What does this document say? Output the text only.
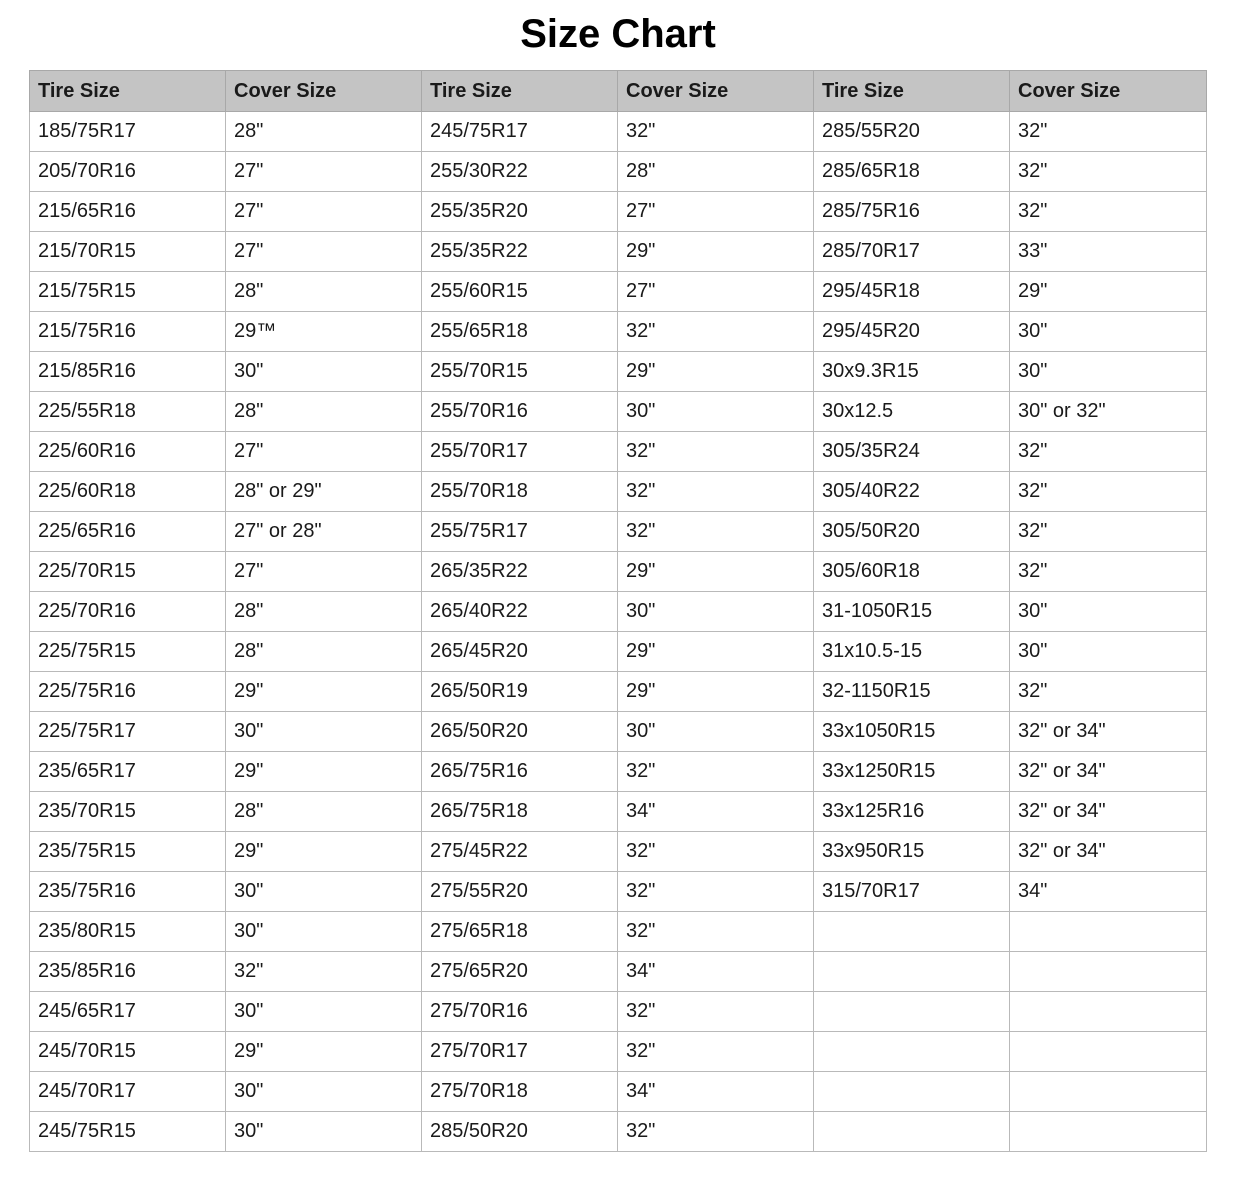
Size Chart
Tire Size	Cover Size	Tire Size	Cover Size	Tire Size	Cover Size
185/75R17	28"	245/75R17	32"	285/55R20	32"
205/70R16	27"	255/30R22	28"	285/65R18	32"
215/65R16	27"	255/35R20	27"	285/75R16	32"
215/70R15	27"	255/35R22	29"	285/70R17	33"
215/75R15	28"	255/60R15	27"	295/45R18	29"
215/75R16	29™	255/65R18	32"	295/45R20	30"
215/85R16	30"	255/70R15	29"	30x9.3R15	30"
225/55R18	28"	255/70R16	30"	30x12.5	30" or 32"
225/60R16	27"	255/70R17	32"	305/35R24	32"
225/60R18	28" or 29"	255/70R18	32"	305/40R22	32"
225/65R16	27" or 28"	255/75R17	32"	305/50R20	32"
225/70R15	27"	265/35R22	29"	305/60R18	32"
225/70R16	28"	265/40R22	30"	31-1050R15	30"
225/75R15	28"	265/45R20	29"	31x10.5-15	30"
225/75R16	29"	265/50R19	29"	32-1150R15	32"
225/75R17	30"	265/50R20	30"	33x1050R15	32" or 34"
235/65R17	29"	265/75R16	32"	33x1250R15	32" or 34"
235/70R15	28"	265/75R18	34"	33x125R16	32" or 34"
235/75R15	29"	275/45R22	32"	33x950R15	32" or 34"
235/75R16	30"	275/55R20	32"	315/70R17	34"
235/80R15	30"	275/65R18	32"		
235/85R16	32"	275/65R20	34"		
245/65R17	30"	275/70R16	32"		
245/70R15	29"	275/70R17	32"		
245/70R17	30"	275/70R18	34"		
245/75R15	30"	285/50R20	32"		
